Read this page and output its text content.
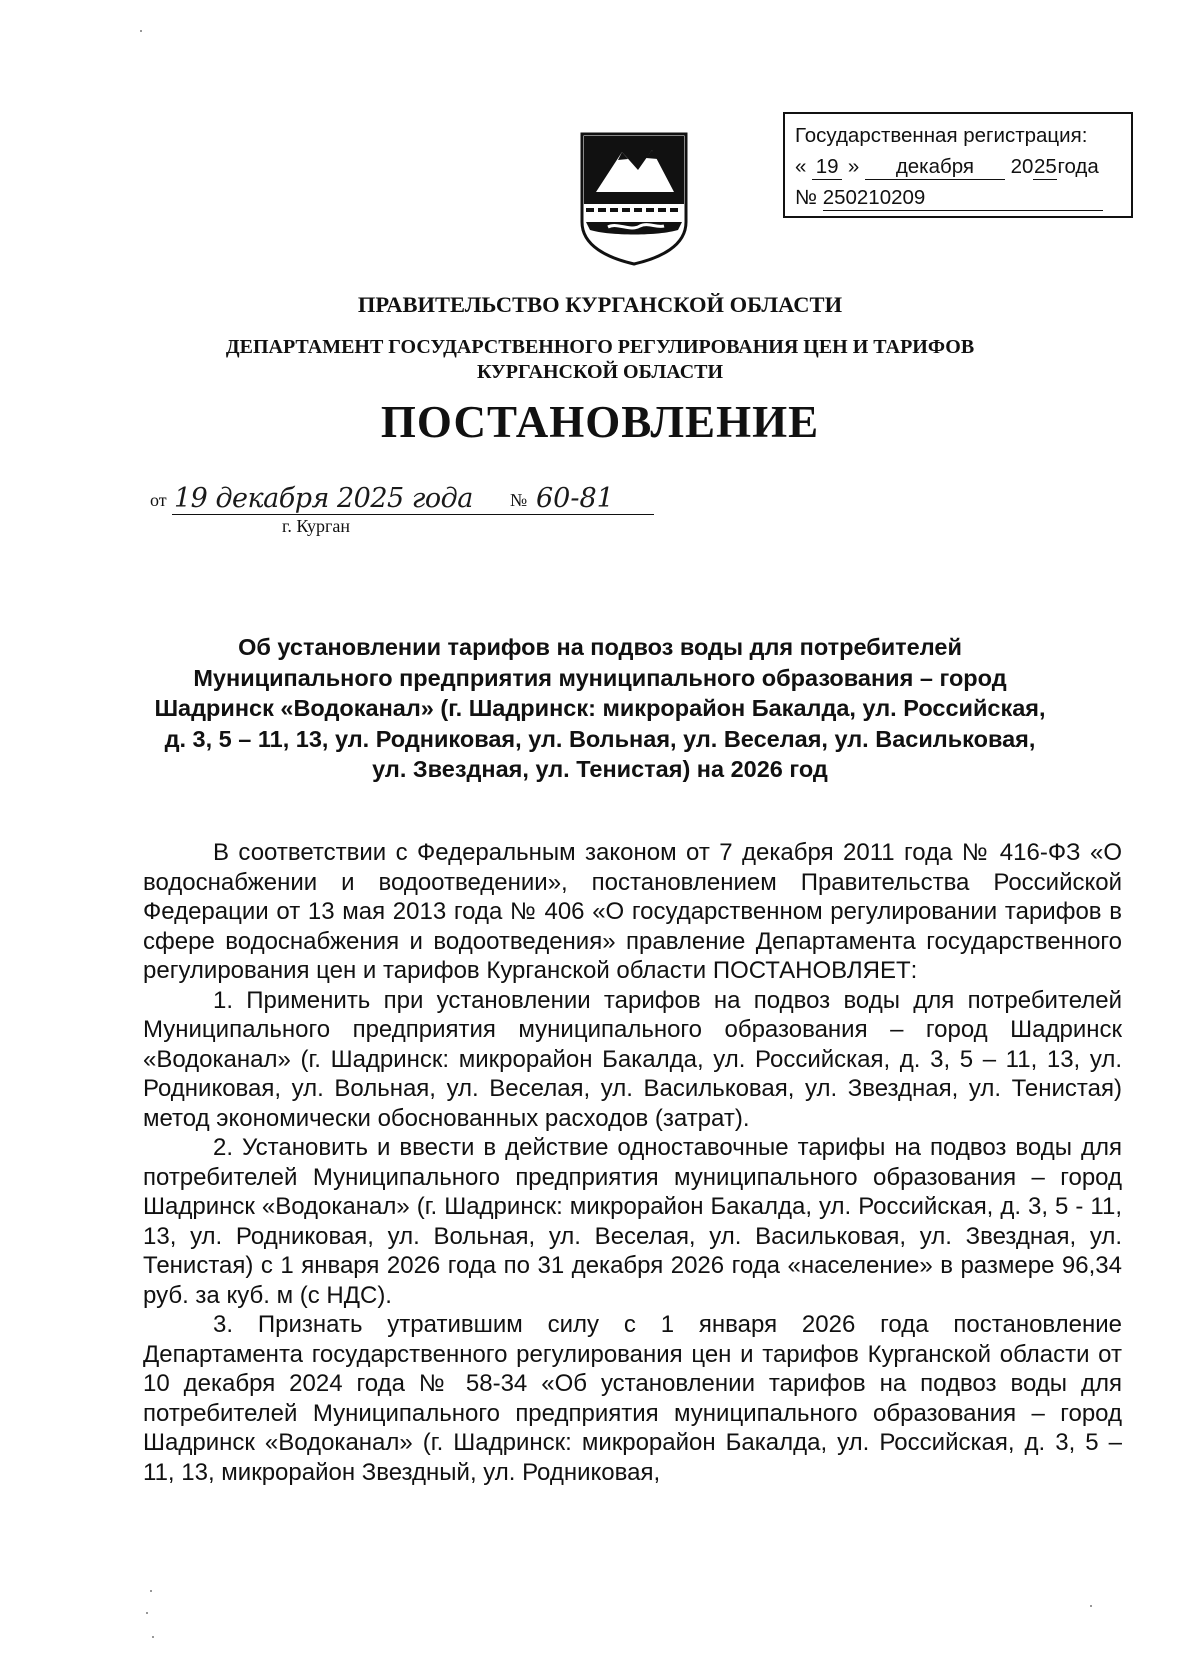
Государственная регистрация:
« 19 » декабря 2025года
№ 250210209
ПРАВИТЕЛЬСТВО КУРГАНСКОЙ ОБЛАСТИ
ДЕПАРТАМЕНТ ГОСУДАРСТВЕННОГО РЕГУЛИРОВАНИЯ ЦЕН И ТАРИФОВ
КУРГАНСКОЙ ОБЛАСТИ
ПОСТАНОВЛЕНИЕ
от 19 декабря 2025 года	№ 60-81
г. Курган
Об установлении тарифов на подвоз воды для потребителей
Муниципального предприятия муниципального образования – город
Шадринск «Водоканал» (г. Шадринск: микрорайон Бакалда, ул. Российская,
д. 3, 5 – 11, 13, ул. Родниковая, ул. Вольная, ул. Веселая, ул. Васильковая,
ул. Звездная, ул. Тенистая) на 2026 год

В соответствии с Федеральным законом от 7 декабря 2011 года № 416-ФЗ «О водоснабжении и водоотведении», постановлением Правительства Российской Федерации от 13 мая 2013 года № 406 «О государственном регулировании тарифов в сфере водоснабжения и водоотведения» правление Департамента государственного регулирования цен и тарифов Курганской области ПОСТАНОВЛЯЕТ:

1. Применить при установлении тарифов на подвоз воды для потребителей Муниципального предприятия муниципального образования – город Шадринск «Водоканал» (г. Шадринск: микрорайон Бакалда, ул. Российская, д. 3, 5 – 11, 13, ул. Родниковая, ул. Вольная, ул. Веселая, ул. Васильковая, ул. Звездная, ул. Тенистая) метод экономически обоснованных расходов (затрат).

2. Установить и ввести в действие одноставочные тарифы на подвоз воды для потребителей Муниципального предприятия муниципального образования – город Шадринск «Водоканал» (г. Шадринск: микрорайон Бакалда, ул. Российская, д. 3, 5 - 11, 13, ул. Родниковая, ул. Вольная, ул. Веселая, ул. Васильковая, ул. Звездная, ул. Тенистая) с 1 января 2026 года по 31 декабря 2026 года «население» в размере 96,34 руб. за куб. м (с НДС).

3. Признать утратившим силу с 1 января 2026 года постановление Департамента государственного регулирования цен и тарифов Курганской области от 10 декабря 2024 года № 58-34 «Об установлении тарифов на подвоз воды для потребителей Муниципального предприятия муниципального образования – город Шадринск «Водоканал» (г. Шадринск: микрорайон Бакалда, ул. Российская, д. 3, 5 – 11, 13, микрорайон Звездный, ул. Родниковая,
